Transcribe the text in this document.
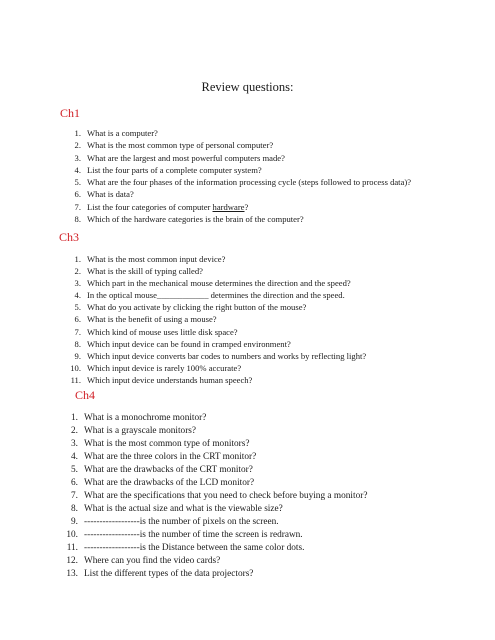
Review questions:
Ch1
1. What is a computer?
2. What is the most common type of personal computer?
3. What are the largest and most powerful computers made?
4. List the four parts of a complete computer system?
5. What are the four phases of the information processing cycle (steps followed to process data)?
6. What is data?
7. List the four categories of computer hardware?
8. Which of the hardware categories is the brain of the computer?
Ch3
1. What is the most common input device?
2. What is the skill of typing called?
3. Which part in the mechanical mouse determines the direction and the speed?
4. In the optical mouse____________ determines the direction and the speed.
5. What do you activate by clicking the right button of the mouse?
6. What is the benefit of using a mouse?
7. Which kind of mouse uses little disk space?
8. Which input device can be found in cramped environment?
9. Which input device converts bar codes to numbers and works by reflecting light?
10. Which input device is rarely 100% accurate?
11. Which input device understands human speech?
Ch4
1. What is a monochrome monitor?
2. What is a grayscale monitors?
3. What is the most common type of monitors?
4. What are the three colors in the CRT monitor?
5. What are the drawbacks of the CRT monitor?
6. What are the drawbacks of the LCD monitor?
7. What are the specifications that you need to check before buying a monitor?
8. What is the actual size and what is the viewable size?
9. ------------------is the number of pixels on the screen.
10. ------------------is the number of time the screen is redrawn.
11. ------------------is the Distance between the same color dots.
12. Where can you find the video cards?
13. List the different types of the data projectors?
